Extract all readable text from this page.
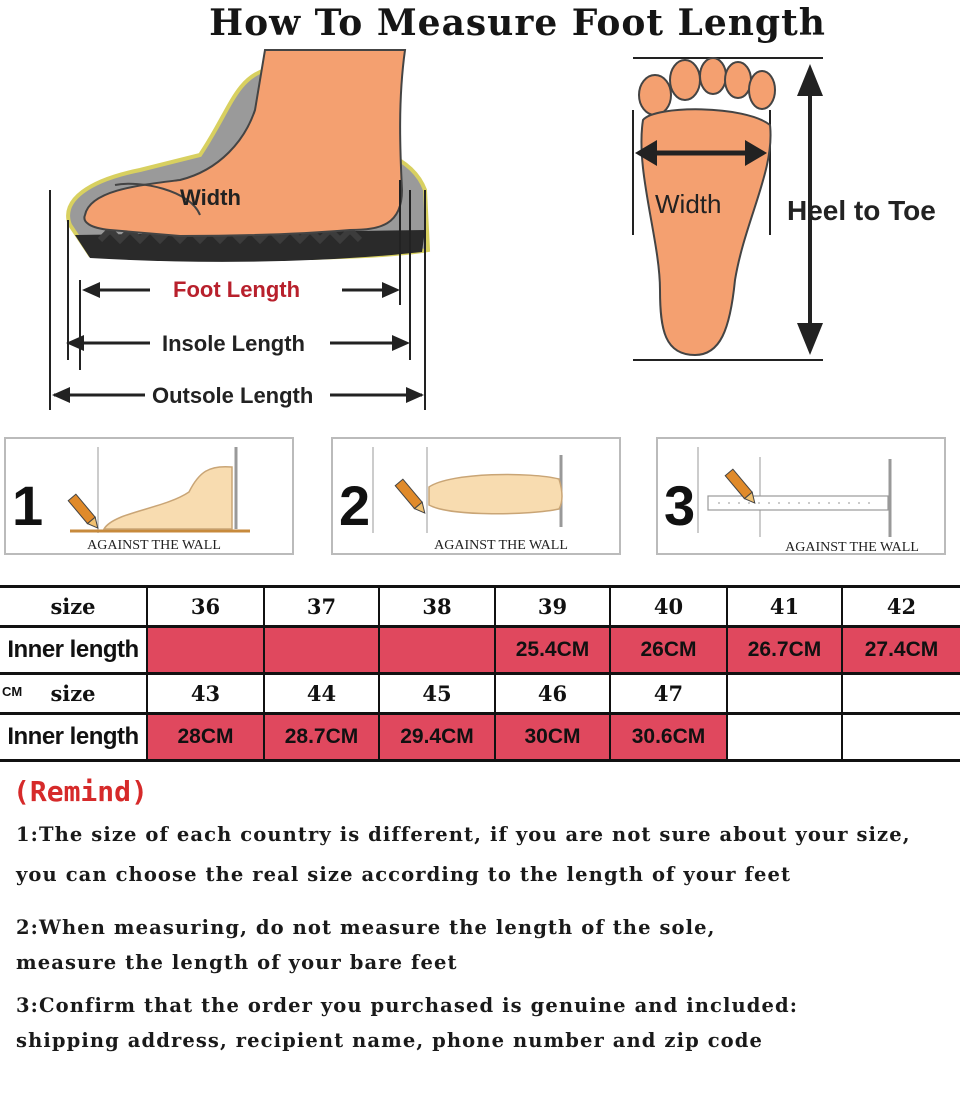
How To Measure Foot Length
Width
Foot Length
Insole Length
Outsole Length
Width Heel to Toe
1
AGAINST THE WALL
2
AGAINST THE WALL
3
AGAINST THE WALL
size	36	37	38	39	40	41	42
Inner length				25.4CM	26CM	26.7CM	27.4CM
size	43	44	45	46	47		
Inner length	28CM	28.7CM	29.4CM	30CM	30.6CM		
CM
(Remind)
1:The size of each country is different, if you are not sure about your size,
you can choose the real size according to the length of your feet
2:When measuring, do not measure the length of the sole,
measure the length of your bare feet
3:Confirm that the order you purchased is genuine and included:
shipping address, recipient name, phone number and zip code
